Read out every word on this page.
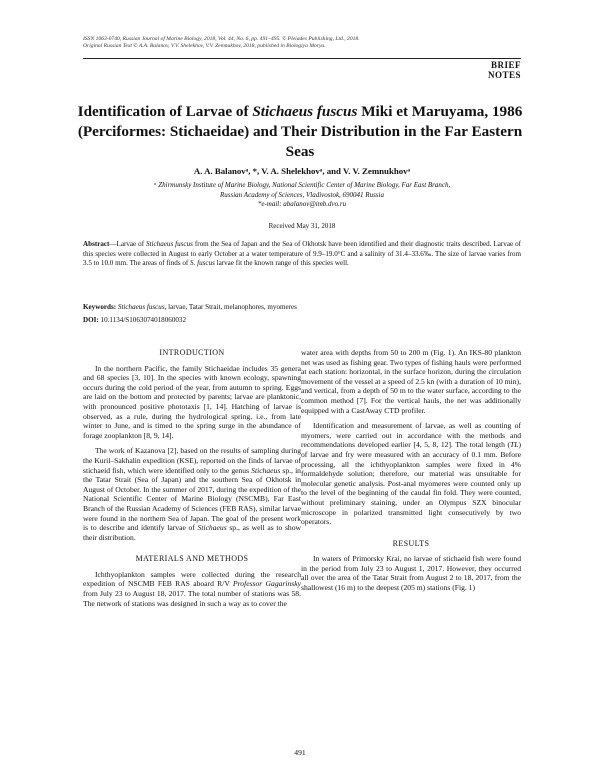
ISSN 1063-0740, Russian Journal of Marine Biology, 2018, Vol. 44, No. 6, pp. 491–495. © Pleiades Publishing, Ltd., 2018.
Original Russian Text © A.A. Balanov, V.V. Shelekhov, V.V. Zemnukhov, 2018, published in Biologiya Morya.
BRIEF
NOTES
Identification of Larvae of Stichaeus fuscus Miki et Maruyama, 1986 (Perciformes: Stichaeidae) and Their Distribution in the Far Eastern Seas
A. A. Balanovᵃ, *, V. A. Shelekhovᵃ, and V. V. Zemnukhovᵃ
ᵃ Zhirmunsky Institute of Marine Biology, National Scientific Center of Marine Biology, Far East Branch,
Russian Academy of Sciences, Vladivostok, 690041 Russia
*e-mail: abalanov@imb.dvo.ru
Received May 31, 2018
Abstract—Larvae of Stichaeus fuscus from the Sea of Japan and the Sea of Okhotsk have been identified and their diagnostic traits described. Larvae of this species were collected in August to early October at a water temperature of 9.9–19.0°C and a salinity of 31.4–33.6‰. The size of larvae varies from 3.5 to 10.0 mm. The areas of finds of S. fuscus larvae fit the known range of this species well.
Keywords: Stichaeus fuscus, larvae, Tatar Strait, melanophores, myomeres
DOI: 10.1134/S1063074018060032
INTRODUCTION

In the northern Pacific, the family Stichaeidae includes 35 genera and 68 species [3, 10]. In the species with known ecology, spawning occurs during the cold period of the year, from autumn to spring. Eggs are laid on the bottom and protected by parents; larvae are planktonic, with pronounced positive phototaxis [1, 14]. Hatching of larvae is observed, as a rule, during the hydrological spring, i.e., from late winter to June, and is timed to the spring surge in the abundance of forage zooplankton [8, 9, 14].

The work of Kazanova [2], based on the results of sampling during the Kuril–Sakhalin expedition (KSE), reported on the finds of larvae of stichaeid fish, which were identified only to the genus Stichaeus sp., in the Tatar Strait (Sea of Japan) and the southern Sea of Okhotsk in August of October. In the summer of 2017, during the expedition of the National Scientific Center of Marine Biology (NSCMB), Far East Branch of the Russian Academy of Sciences (FEB RAS), similar larvae were found in the northern Sea of Japan. The goal of the present work is to describe and identify larvae of Stichaeus sp., as well as to show their distribution.

MATERIALS AND METHODS

Ichthyoplankton samples were collected during the research expedition of NSCMB FEB RAS aboard R/V Professor Gagarinsky from July 23 to August 18, 2017. The total number of stations was 58. The network of stations was designed in such a way as to cover the

water area with depths from 50 to 200 m (Fig. 1). An IKS-80 plankton net was used as fishing gear. Two types of fishing hauls were performed at each station: horizontal, in the surface horizon, during the circulation movement of the vessel at a speed of 2.5 kn (with a duration of 10 min), and vertical, from a depth of 50 m to the water surface, according to the common method [7]. For the vertical hauls, the net was additionally equipped with a CastAway CTD profiler.

Identification and measurement of larvae, as well as counting of myomers, were carried out in accordance with the methods and recommendations developed earlier [4, 5, 8, 12]. The total length (TL) of larvae and fry were measured with an accuracy of 0.1 mm. Before processing, all the ichthyoplankton samples were fixed in 4% formaldehyde solution; therefore, our material was unsuitable for molecular genetic analysis. Post-anal myomeres were counted only up to the level of the beginning of the caudal fin fold. They were counted, without preliminary staining, under an Olympus SZX binocular microscope in polarized transmitted light consecutively by two operators.

RESULTS

In waters of Primorsky Krai, no larvae of stichaeid fish were found in the period from July 23 to August 1, 2017. However, they occurred all over the area of the Tatar Strait from August 2 to 18, 2017, from the shallowest (16 m) to the deepest (205 m) stations (Fig. 1)

491
